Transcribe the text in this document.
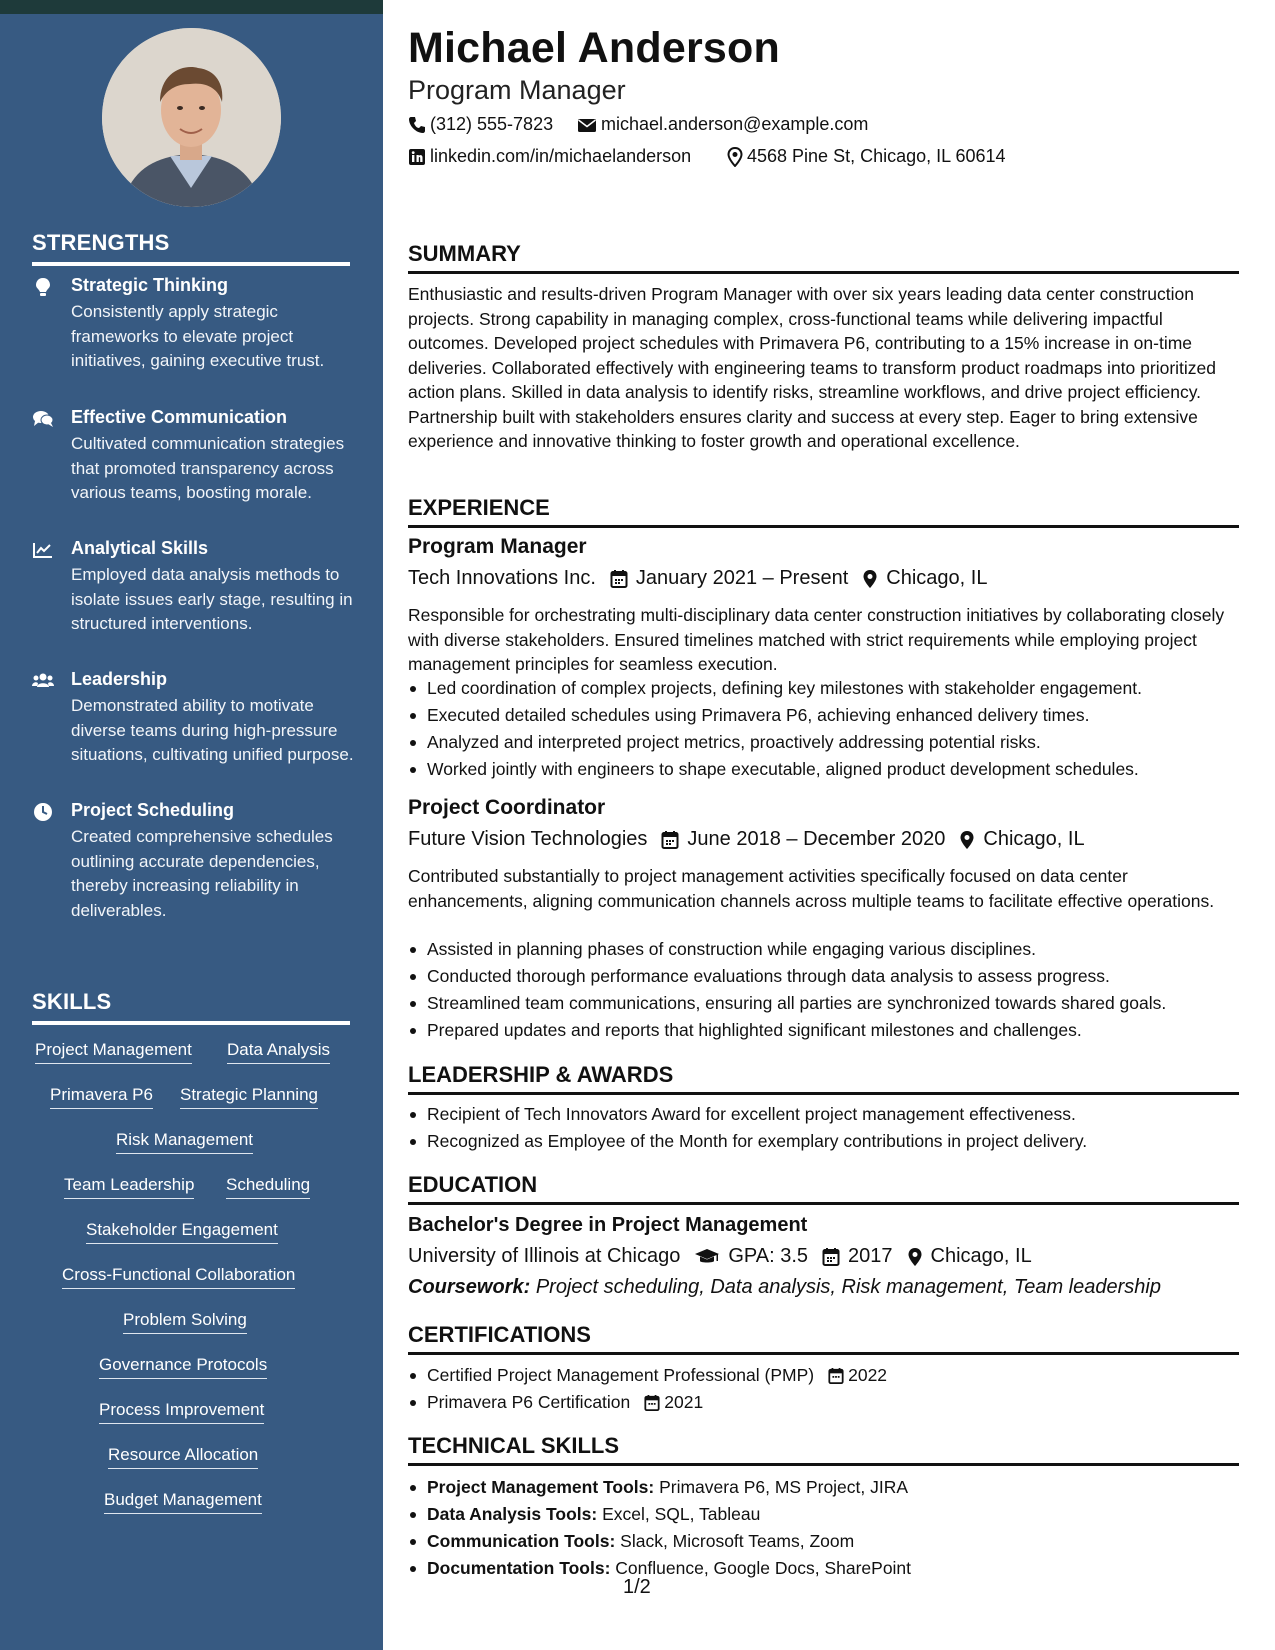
STRENGTHS
Strategic Thinking
Consistently apply strategic frameworks to elevate project initiatives, gaining executive trust.
Effective Communication
Cultivated communication strategies that promoted transparency across various teams, boosting morale.
Analytical Skills
Employed data analysis methods to isolate issues early stage, resulting in structured interventions.
Leadership
Demonstrated ability to motivate diverse teams during high-pressure situations, cultivating unified purpose.
Project Scheduling
Created comprehensive schedules outlining accurate dependencies, thereby increasing reliability in deliverables.
SKILLS
Project Management Data Analysis
Primavera P6 Strategic Planning
Risk Management
Team Leadership Scheduling
Stakeholder Engagement
Cross-Functional Collaboration
Problem Solving
Governance Protocols
Process Improvement
Resource Allocation
Budget Management
Michael Anderson
Program Manager
(312) 555-7823	michael.anderson@example.com
linkedin.com/in/michaelanderson	4568 Pine St, Chicago, IL 60614
SUMMARY
Enthusiastic and results-driven Program Manager with over six years leading data center construction projects. Strong capability in managing complex, cross-functional teams while delivering impactful outcomes. Developed project schedules with Primavera P6, contributing to a 15% increase in on-time deliveries. Collaborated effectively with engineering teams to transform product roadmaps into prioritized action plans. Skilled in data analysis to identify risks, streamline workflows, and drive project efficiency. Partnership built with stakeholders ensures clarity and success at every step. Eager to bring extensive experience and innovative thinking to foster growth and operational excellence.
EXPERIENCE
Program Manager
Tech Innovations Inc. January 2021 – Present Chicago, IL
Responsible for orchestrating multi-disciplinary data center construction initiatives by collaborating closely with diverse stakeholders. Ensured timelines matched with strict requirements while employing project management principles for seamless execution.
Led coordination of complex projects, defining key milestones with stakeholder engagement.
Executed detailed schedules using Primavera P6, achieving enhanced delivery times.
Analyzed and interpreted project metrics, proactively addressing potential risks.
Worked jointly with engineers to shape executable, aligned product development schedules.
Project Coordinator
Future Vision Technologies June 2018 – December 2020 Chicago, IL
Contributed substantially to project management activities specifically focused on data center enhancements, aligning communication channels across multiple teams to facilitate effective operations.
Assisted in planning phases of construction while engaging various disciplines.
Conducted thorough performance evaluations through data analysis to assess progress.
Streamlined team communications, ensuring all parties are synchronized towards shared goals.
Prepared updates and reports that highlighted significant milestones and challenges.
LEADERSHIP & AWARDS
Recipient of Tech Innovators Award for excellent project management effectiveness.
Recognized as Employee of the Month for exemplary contributions in project delivery.
EDUCATION
Bachelor's Degree in Project Management
University of Illinois at Chicago GPA: 3.5 2017 Chicago, IL
Coursework: Project scheduling, Data analysis, Risk management, Team leadership
CERTIFICATIONS
Certified Project Management Professional (PMP) 2022
Primavera P6 Certification 2021
TECHNICAL SKILLS
Project Management Tools: Primavera P6, MS Project, JIRA
Data Analysis Tools: Excel, SQL, Tableau
Communication Tools: Slack, Microsoft Teams, Zoom
Documentation Tools: Confluence, Google Docs, SharePoint
1/2
